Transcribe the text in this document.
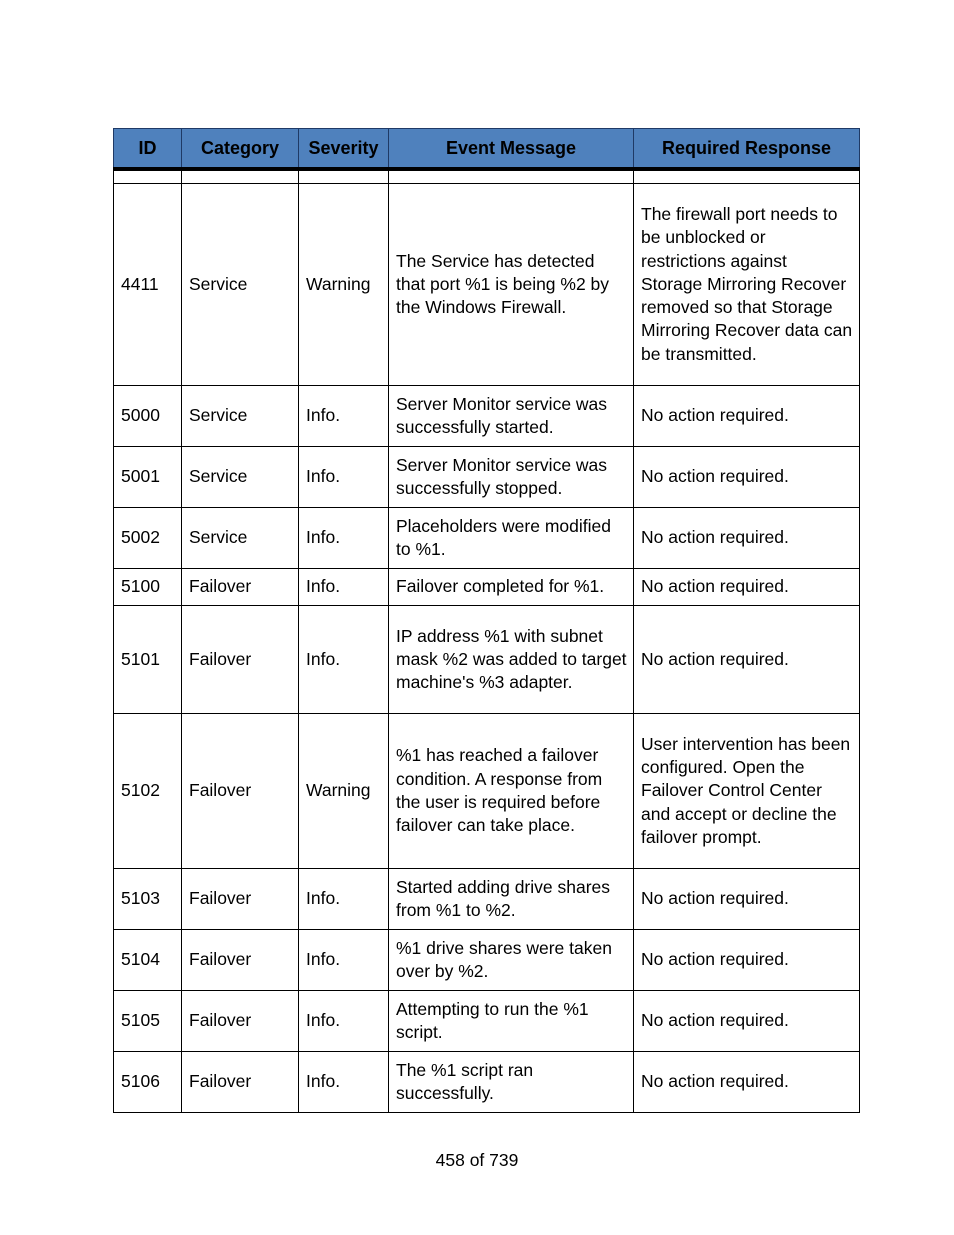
ID	Category	Severity	Event Message	Required Response

4411	Service	Warning	The Service has detected that port %1 is being %2 by the Windows Firewall.	The firewall port needs to be unblocked or restrictions against Storage Mirroring Recover removed so that Storage Mirroring Recover data can be transmitted.
5000	Service	Info.	Server Monitor service was successfully started.	No action required.
5001	Service	Info.	Server Monitor service was successfully stopped.	No action required.
5002	Service	Info.	Placeholders were modified to %1.	No action required.
5100	Failover	Info.	Failover completed for %1.	No action required.
5101	Failover	Info.	IP address %1 with subnet mask %2 was added to target machine's %3 adapter.	No action required.
5102	Failover	Warning	%1 has reached a failover condition. A response from the user is required before failover can take place.	User intervention has been configured. Open the Failover Control Center and accept or decline the failover prompt.
5103	Failover	Info.	Started adding drive shares from %1 to %2.	No action required.
5104	Failover	Info.	%1 drive shares were taken over by %2.	No action required.
5105	Failover	Info.	Attempting to run the %1 script.	No action required.
5106	Failover	Info.	The %1 script ran successfully.	No action required.
458 of 739
